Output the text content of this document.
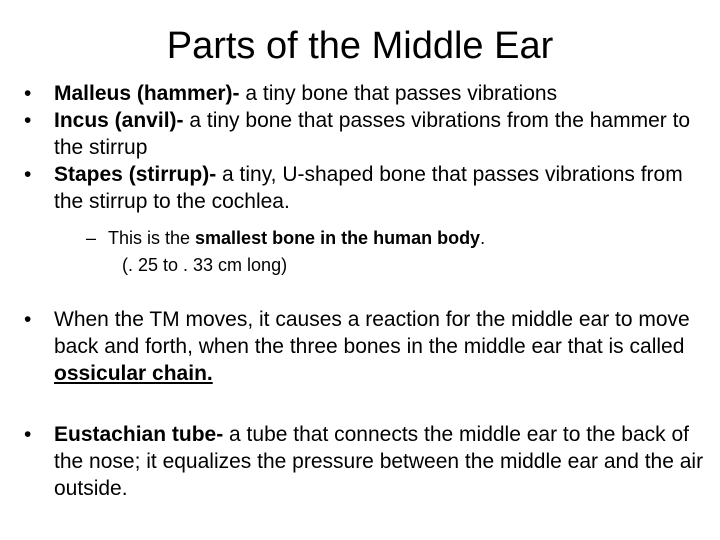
Parts of the Middle Ear
•	Malleus (hammer)- a tiny bone that passes vibrations
•	Incus (anvil)- a tiny bone that passes vibrations from the hammer to the stirrup
•	Stapes (stirrup)- a tiny, U-shaped bone that passes vibrations from the stirrup to the cochlea.
– This is the smallest bone in the human body.
(. 25 to . 33 cm long)
•	When the TM moves, it causes a reaction for the middle ear to move back and forth, when the three bones in the middle ear that is called ossicular chain.
•	Eustachian tube- a tube that connects the middle ear to the back of the nose; it equalizes the pressure between the middle ear and the air outside.
